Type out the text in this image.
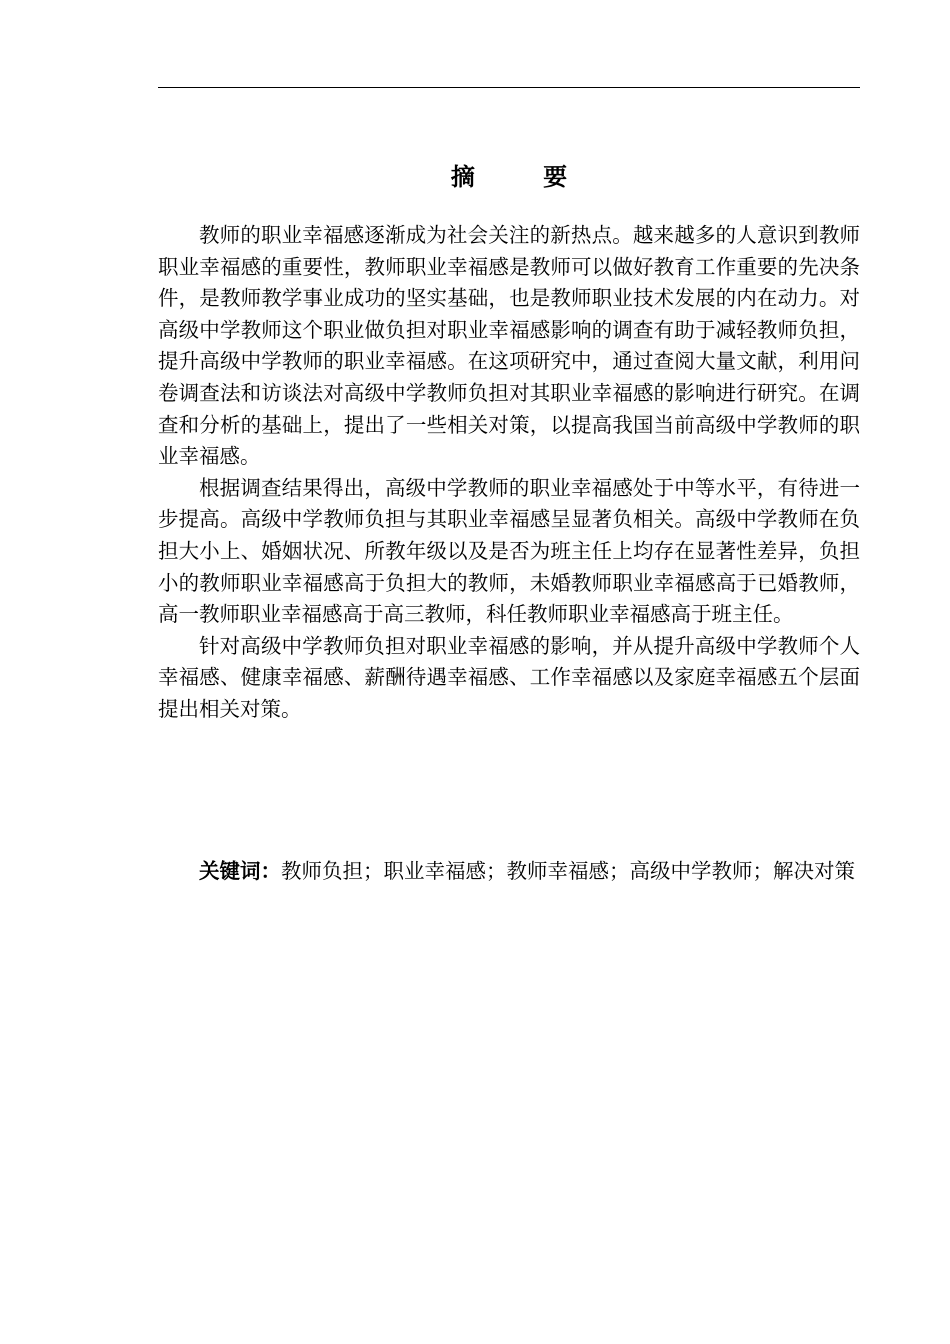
摘 要

教师的职业幸福感逐渐成为社会关注的新热点。越来越多的人意识到教师职业幸福感的重要性，教师职业幸福感是教师可以做好教育工作重要的先决条件，是教师教学事业成功的坚实基础，也是教师职业技术发展的内在动力。对高级中学教师这个职业做负担对职业幸福感影响的调查有助于减轻教师负担，提升高级中学教师的职业幸福感。在这项研究中，通过查阅大量文献，利用问卷调查法和访谈法对高级中学教师负担对其职业幸福感的影响进行研究。在调查和分析的基础上，提出了一些相关对策，以提高我国当前高级中学教师的职业幸福感。

根据调查结果得出，高级中学教师的职业幸福感处于中等水平，有待进一步提高。高级中学教师负担与其职业幸福感呈显著负相关。高级中学教师在负担大小上、婚姻状况、所教年级以及是否为班主任上均存在显著性差异，负担小的教师职业幸福感高于负担大的教师，未婚教师职业幸福感高于已婚教师，高一教师职业幸福感高于高三教师，科任教师职业幸福感高于班主任。

针对高级中学教师负担对职业幸福感的影响，并从提升高级中学教师个人幸福感、健康幸福感、薪酬待遇幸福感、工作幸福感以及家庭幸福感五个层面提出相关对策。

关键词：教师负担；职业幸福感；教师幸福感；高级中学教师；解决对策
